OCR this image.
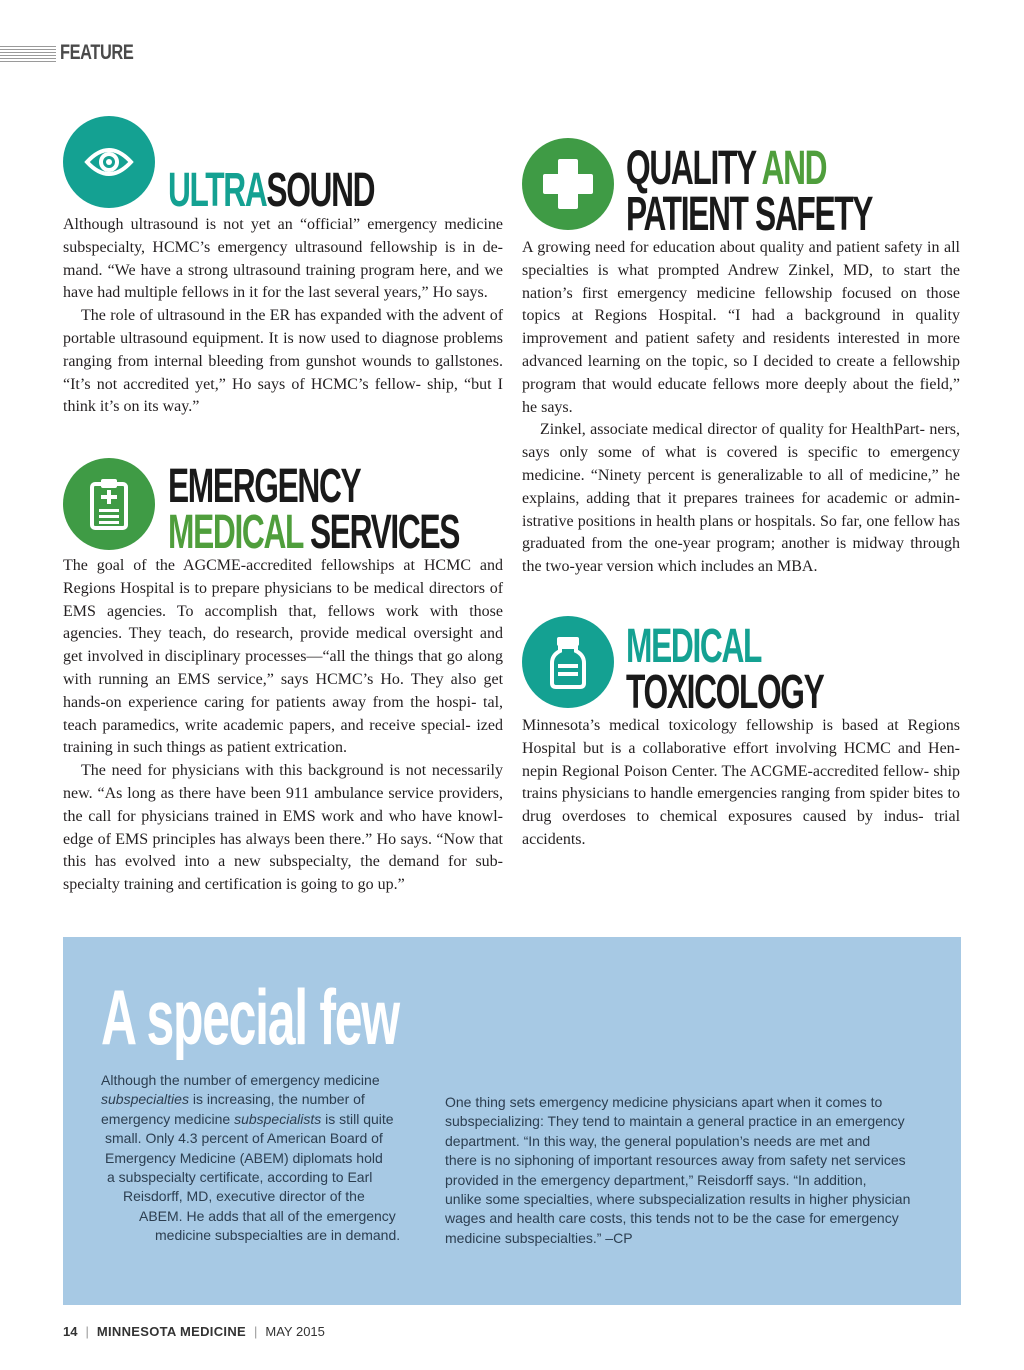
FEATURE
ULTRASOUND

Although ultrasound is not yet an “official” emergency medicine subspecialty, HCMC’s emergency ultrasound fellowship is in de- mand. “We have a strong ultrasound training program here, and we have had multiple fellows in it for the last several years,” Ho says.

The role of ultrasound in the ER has expanded with the advent of portable ultrasound equipment. It is now used to diagnose problems ranging from internal bleeding from gunshot wounds to gallstones. “It’s not accredited yet,” Ho says of HCMC’s fellow- ship, “but I think it’s on its way.”

EMERGENCY
MEDICAL SERVICES

The goal of the AGCME-accredited fellowships at HCMC and Regions Hospital is to prepare physicians to be medical directors of EMS agencies. To accomplish that, fellows work with those agencies. They teach, do research, provide medical oversight and get involved in disciplinary processes—“all the things that go along with running an EMS service,” says HCMC’s Ho. They also get hands-on experience caring for patients away from the hospi- tal, teach paramedics, write academic papers, and receive special- ized training in such things as patient extrication.

The need for physicians with this background is not necessarily new. “As long as there have been 911 ambulance service providers, the call for physicians trained in EMS work and who have knowl- edge of EMS principles has always been there.” Ho says. “Now that this has evolved into a new subspecialty, the demand for sub- specialty training and certification is going to go up.”

QUALITY AND
PATIENT SAFETY

A growing need for education about quality and patient safety in all specialties is what prompted Andrew Zinkel, MD, to start the nation’s first emergency medicine fellowship focused on those topics at Regions Hospital. “I had a background in quality improvement and patient safety and residents interested in more advanced learning on the topic, so I decided to create a fellowship program that would educate fellows more deeply about the field,” he says.

Zinkel, associate medical director of quality for HealthPart- ners, says only some of what is covered is specific to emergency medicine. “Ninety percent is generalizable to all of medicine,” he explains, adding that it prepares trainees for academic or admin- istrative positions in health plans or hospitals. So far, one fellow has graduated from the one-year program; another is midway through the two-year version which includes an MBA.

MEDICAL
TOXICOLOGY

Minnesota’s medical toxicology fellowship is based at Regions Hospital but is a collaborative effort involving HCMC and Hen- nepin Regional Poison Center. The ACGME-accredited fellow- ship trains physicians to handle emergencies ranging from spider bites to drug overdoses to chemical exposures caused by indus- trial accidents.

A special few
Although the number of emergency medicine
subspecialties is increasing, the number of
emergency medicine subspecialists is still quite
small. Only 4.3 percent of American Board of
Emergency Medicine (ABEM) diplomats hold
a subspecialty certificate, according to Earl
Reisdorff, MD, executive director of the
ABEM. He adds that all of the emergency
medicine subspecialties are in demand.
One thing sets emergency medicine physicians apart when it comes to
subspecializing: They tend to maintain a general practice in an emergency
department. “In this way, the general population’s needs are met and
there is no siphoning of important resources away from safety net services
provided in the emergency department,” Reisdorff says. “In addition,
unlike some specialties, where subspecialization results in higher physician
wages and health care costs, this tends not to be the case for emergency
medicine subspecialties.” –CP
14 | MINNESOTA MEDICINE | MAY 2015
